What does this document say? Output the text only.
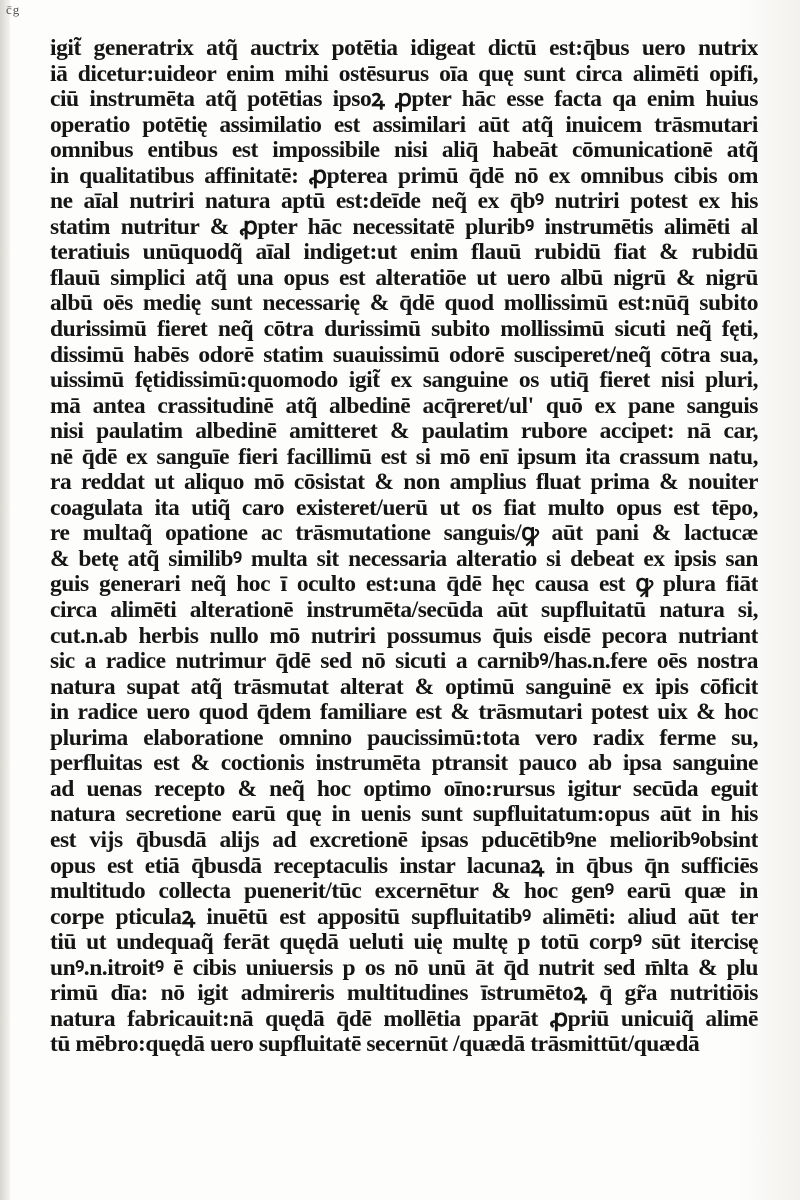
c̄g
igit̃ generatrix atq̃ auctrix potētia idigeat dictū est:q̄bus uero nutrix
iā dicetur:uideor enim mihi ostēsurus oīa quę sunt circa alimēti opifi,
ciū instrumēta atq̃ potētias ipsoꝝ ꝓpter hāc esse facta qa enim huius
operatio potētię assimilatio est assimilari aūt atq̃ inuicem trāsmutari
omnibus entibus est impossibile nisi aliq̄ habeāt cōmunicationē atq̃
in qualitatibus affinitatē: ꝓpterea primū q̄dē nō ex omnibus cibis om
ne aīal nutriri natura aptū est:deīde neq̃ ex q̄bꝰ nutriri potest ex his
statim nutritur & ꝓpter hāc necessitatē pluribꝰ instrumētis alimēti al
teratiuis unūquodq̃ aīal indiget:ut enim flauū rubidū fiat & rubidū
flauū simplici atq̃ una opus est alteratiōe ut uero albū nigrū & nigrū
albū oēs medię sunt necessarię & q̄dē quod mollissimū est:nūq̄ subito
durissimū fieret neq̃ cōtra durissimū subito mollissimū sicuti neq̃ fęti,
dissimū habēs odorē statim suauissimū odorē susciperet/neq̃ cōtra sua,
uissimū fętidissimū:quomodo igit̃ ex sanguine os utiq̄ fieret nisi pluri,
mā antea crassitudinē atq̃ albedinē acq̄reret/ul' quō ex pane sanguis
nisi paulatim albedinē amitteret & paulatim rubore accipet: nā car,
nē q̄dē ex sanguīe fieri facillimū est si mō enī ipsum ita crassum natu,
ra reddat ut aliquo mō cōsistat & non amplius fluat prima & nouiter
coagulata ita utiq̃ caro existeret/uerū ut os fiat multo opus est tēpo,
re multaq̃ opatione ac trāsmutatione sanguis/ꝙ aūt pani & lactucæ
& betę atq̃ similibꝰ multa sit necessaria alteratio si debeat ex ipsis san
guis generari neq̃ hoc ī oculto est:una q̄dē hęc causa est ꝙ plura fiāt
circa alimēti alterationē instrumēta/secūda aūt supfluitatū natura si,
cut.n.ab herbis nullo mō nutriri possumus q̄uis eisdē pecora nutriant
sic a radice nutrimur q̄dē sed nō sicuti a carnibꝰ/has.n.fere oēs nostra
natura supat atq̃ trāsmutat alterat & optimū sanguinē ex ipis cōficit
in radice uero quod q̄dem familiare est & trāsmutari potest uix & hoc
plurima elaboratione omnino paucissimū:tota vero radix ferme su,
perfluitas est & coctionis instrumēta ptransit pauco ab ipsa sanguine
ad uenas recepto & neq̃ hoc optimo oīno:rursus igitur secūda eguit
natura secretione earū quę in uenis sunt supfluitatum:opus aūt in his
est vijs q̄busdā alijs ad excretionē ipsas pducētibꝰne melioribꝰobsint
opus est etiā q̄busdā receptaculis instar lacunaꝝ in q̄bus q̄n sufficiēs
multitudo collecta puenerit/tūc excernētur & hoc genꝰ earū quæ in
corpe pticulaꝝ inuētū est appositū supfluitatibꝰ alimēti: aliud aūt ter
tiū ut undequaq̃ ferāt quędā ueluti uię multę p totū corpꝰ sūt itercisę
unꝰ.n.itroitꝰ ē cibis uniuersis p os nō unū āt q̄d nutrit sed m̄lta & plu
rimū dīa: nō igit admireris multitudines īstrumētoꝝ q̄ gr̃a nutritiōis
natura fabricauit:nā quędā q̄dē mollētia pparāt ꝓpriū unicuiq̃ alimē
tū mēbro:quędā uero supfluitatē secernūt /quædā trāsmittūt/quædā
